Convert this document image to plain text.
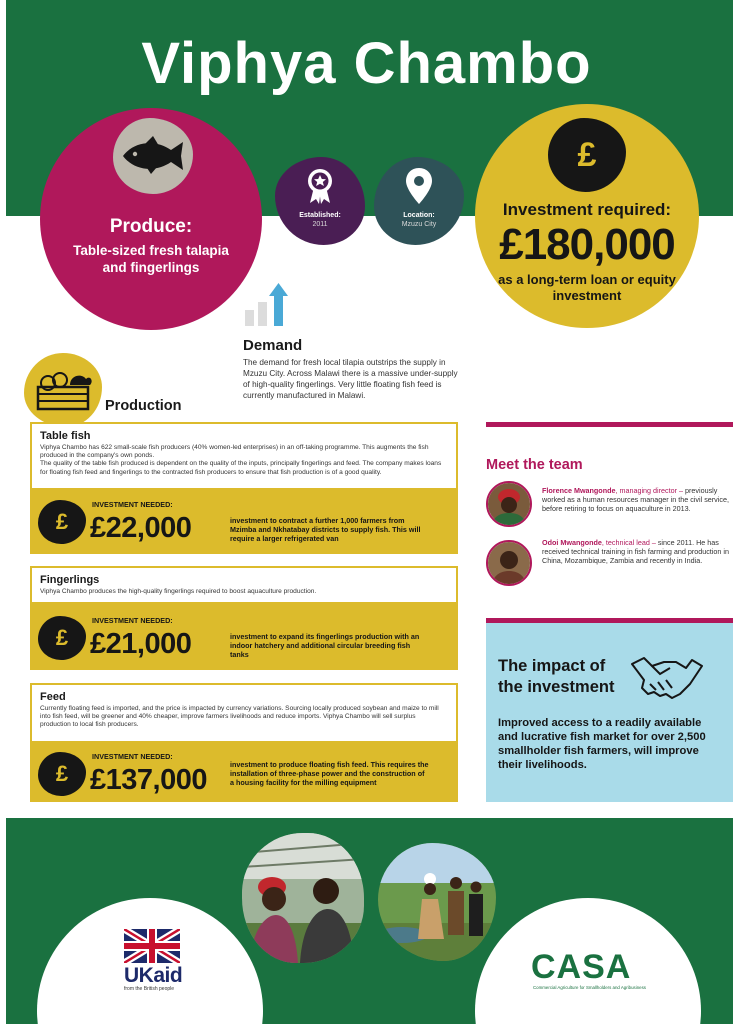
Viphya Chambo
Produce:
Table-sized fresh talapia and fingerlings
Established:
2011
Location:
Mzuzu City
£
Investment required:
£180,000
as a long-term loan or equity investment
Demand
The demand for fresh local tilapia outstrips the supply in Mzuzu City. Across Malawi there is a massive under-supply of high-quality fingerlings. Very little floating fish feed is currently manufactured in Malawi.
Production
Table fish

Viphya Chambo has 622 small-scale fish producers (40% women-led enterprises) in an off-taking programme. This augments the fish produced in the company's own ponds.

The quality of the table fish produced is dependent on the quality of the inputs, principally fingerlings and feed. The company makes loans for floating fish feed and fingerlings to the contracted fish producers to ensure that fish production is of a good quality.

£
INVESTMENT NEEDED:
£22,000	investment to contract a further 1,000 farmers from Mzimba and Nkhatabay districts to supply fish. This will require a larger refrigerated van
Fingerlings

Viphya Chambo produces the high-quality fingerlings required to boost aquaculture production.

£
INVESTMENT NEEDED:
£21,000	investment to expand its fingerlings production with an indoor hatchery and additional circular breeding fish tanks
Feed

Currently floating feed is imported, and the price is impacted by currency variations. Sourcing locally produced soybean and maize to mill into fish feed, will be greener and 40% cheaper, improve farmers livelihoods and reduce imports. Viphya Chambo will sell surplus production to local fish producers.

£
INVESTMENT NEEDED:
£137,000	investment to produce floating fish feed. This requires the installation of three-phase power and the construction of a housing facility for the milling equipment
Meet the team
Florence Mwangonde, managing director – previously worked as a human resources manager in the civil service, before retiring to focus on aquaculture in 2013.
Odoi Mwangonde, technical lead – since 2011. He has received technical training in fish farming and production in China, Mozambique, Zambia and recently in India.
The impact of the investment
Improved access to a readily available and lucrative fish market for over 2,500 smallholder fish farmers, will improve their livelihoods.
UKaid
from the British people
CASA
Commercial Agriculture for Smallholders and Agribusiness
